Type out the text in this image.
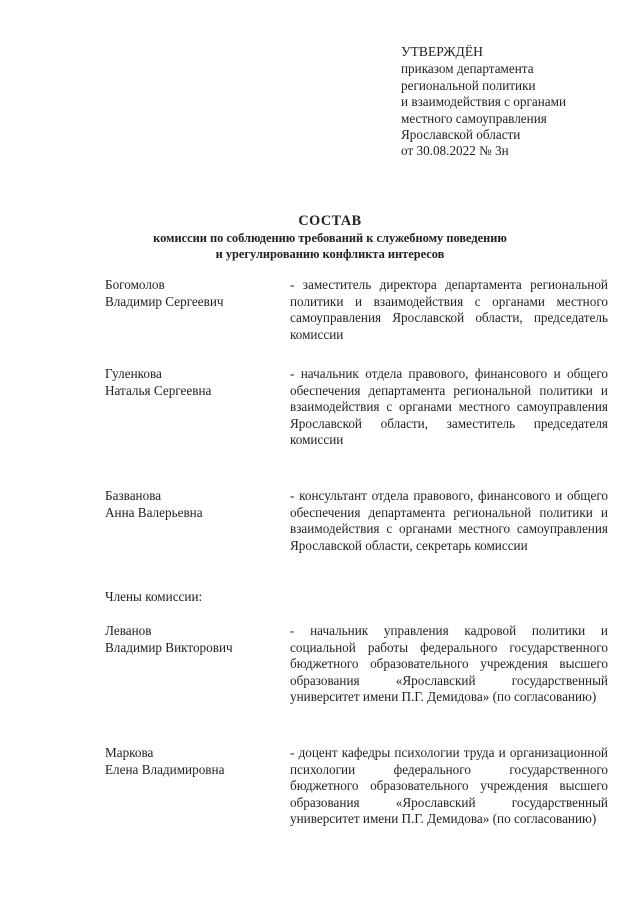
УТВЕРЖДЁН
приказом департамента
региональной политики
и взаимодействия с органами
местного самоуправления
Ярославской области
от 30.08.2022 № 3н
СОСТАВ
комиссии по соблюдению требований к служебному поведению
и урегулированию конфликта интересов
Богомолов
Владимир Сергеевич
- заместитель директора департамента региональной политики и взаимодействия с органами местного самоуправления Ярославской области, председатель комиссии
Гуленкова
Наталья Сергеевна
- начальник отдела правового, финансового и общего обеспечения департамента региональной политики и взаимодействия с органами местного самоуправления Ярославской области, заместитель председателя комиссии
Базванова
Анна Валерьевна
- консультант отдела правового, финансового и общего обеспечения департамента региональной политики и взаимодействия с органами местного самоуправления Ярославской области, секретарь комиссии
Члены комиссии:
Леванов
Владимир Викторович
- начальник управления кадровой политики и социальной работы федерального государственного бюджетного образовательного учреждения высшего образования «Ярославский государственный университет имени П.Г. Демидова» (по согласованию)
Маркова
Елена Владимировна
- доцент кафедры психологии труда и организационной психологии федерального государственного бюджетного образовательного учреждения высшего образования «Ярославский государственный университет имени П.Г. Демидова» (по согласованию)
